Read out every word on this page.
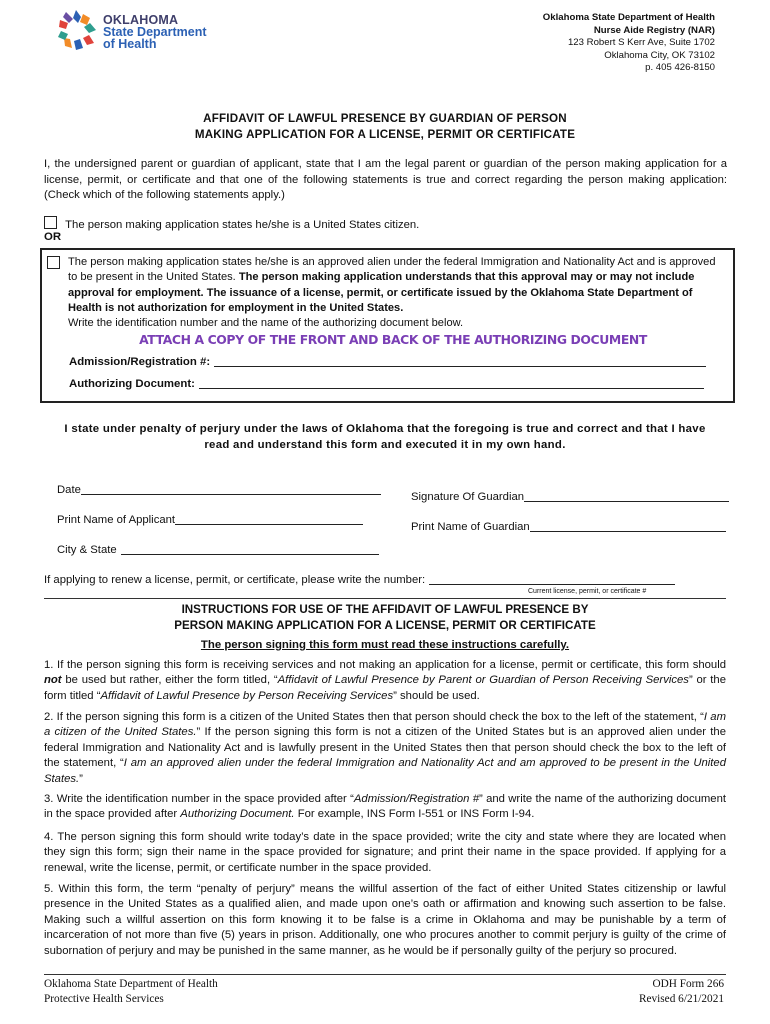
OKLAHOMA
State Department
of Health
Oklahoma State Department of Health
Nurse Aide Registry (NAR)
123 Robert S Kerr Ave, Suite 1702
Oklahoma City, OK 73102
p. 405 426-8150
AFFIDAVIT OF LAWFUL PRESENCE BY GUARDIAN OF PERSON
MAKING APPLICATION FOR A LICENSE, PERMIT OR CERTIFICATE
I, the undersigned parent or guardian of applicant, state that I am the legal parent or guardian of the person making application for a license, permit, or certificate and that one of the following statements is true and correct regarding the person making application: (Check which of the following statements apply.)
The person making application states he/she is a United States citizen.
OR
The person making application states he/she is an approved alien under the federal Immigration and Nationality Act and is approved to be present in the United States. The person making application understands that this approval may or may not include approval for employment. The issuance of a license, permit, or certificate issued by the Oklahoma State Department of Health is not authorization for employment in the United States.
Write the identification number and the name of the authorizing document below.
ATTACH A COPY OF THE FRONT AND BACK OF THE AUTHORIZING DOCUMENT
Admission/Registration #:
Authorizing Document:
I state under penalty of perjury under the laws of Oklahoma that the foregoing is true and correct and that I have
read and understand this form and executed it in my own hand.
Date
Print Name of Applicant
City & State
Signature Of Guardian
Print Name of Guardian
If applying to renew a license, permit, or certificate, please write the number:
Current license, permit, or certificate #
INSTRUCTIONS FOR USE OF THE AFFIDAVIT OF LAWFUL PRESENCE BY
PERSON MAKING APPLICATION FOR A LICENSE, PERMIT OR CERTIFICATE
The person signing this form must read these instructions carefully.
1. If the person signing this form is receiving services and not making an application for a license, permit or certificate, this form should not be used but rather, either the form titled, “Affidavit of Lawful Presence by Parent or Guardian of Person Receiving Services” or the form titled “Affidavit of Lawful Presence by Person Receiving Services” should be used.
2. If the person signing this form is a citizen of the United States then that person should check the box to the left of the statement, “I am a citizen of the United States.” If the person signing this form is not a citizen of the United States but is an approved alien under the federal Immigration and Nationality Act and is lawfully present in the United States then that person should check the box to the left of the statement, “I am an approved alien under the federal Immigration and Nationality Act and am approved to be present in the United States.”
3. Write the identification number in the space provided after “Admission/Registration #” and write the name of the authorizing document in the space provided after Authorizing Document. For example, INS Form I-551 or INS Form I-94.
4. The person signing this form should write today’s date in the space provided; write the city and state where they are located when they sign this form; sign their name in the space provided for signature; and print their name in the space provided. If applying for a renewal, write the license, permit, or certificate number in the space provided.
5. Within this form, the term “penalty of perjury” means the willful assertion of the fact of either United States citizenship or lawful presence in the United States as a qualified alien, and made upon one’s oath or affirmation and knowing such assertion to be false. Making such a willful assertion on this form knowing it to be false is a crime in Oklahoma and may be punishable by a term of incarceration of not more than five (5) years in prison. Additionally, one who procures another to commit perjury is guilty of the crime of subornation of perjury and may be punished in the same manner, as he would be if personally guilty of the perjury so procured.
Oklahoma State Department of Health
Protective Health Services
ODH Form 266
Revised 6/21/2021
